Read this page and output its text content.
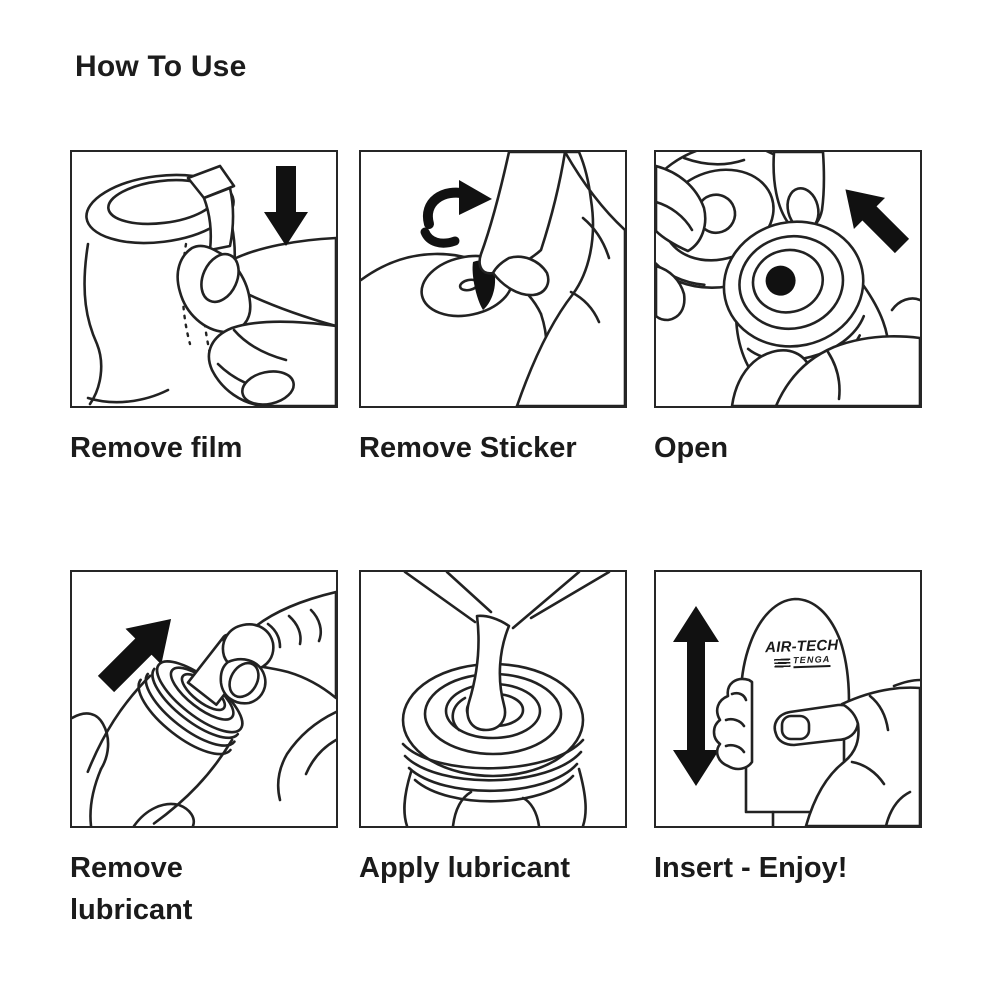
How To Use
Remove film	Remove Sticker	Open
Remove lubricant
Apply lubricant
AIR-TECH
TENGA
Insert - Enjoy!
